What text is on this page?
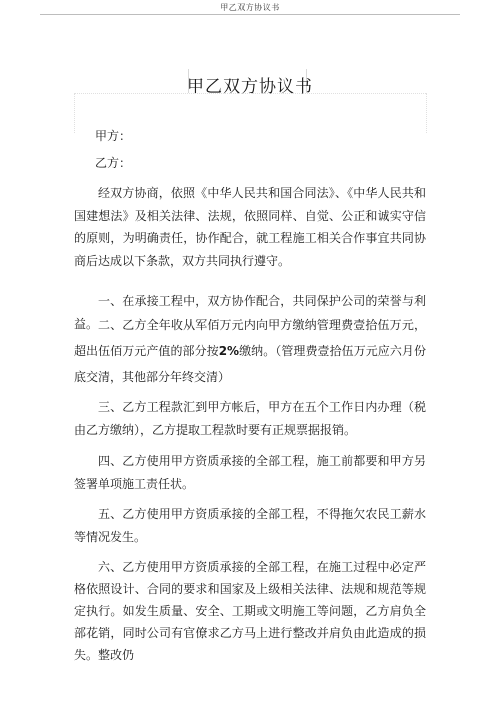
甲乙双方协议书
甲乙双方协议书
甲方：
乙方：

经双方协商，依照《中华人民共和国合同法》、《中华人民共和国建想法》及相关法律、法规，依照同样、自觉、公正和诚实守信的原则，为明确责任，协作配合，就工程施工相关合作事宜共同协商后达成以下条款，双方共同执行遵守。

一、在承接工程中，双方协作配合，共同保护公司的荣誉与利益。 二、乙方全年收从军佰万元内向甲方缴纳管理费壹拾伍万元，超出伍佰万元产值的部分按2%缴纳。（管理费壹拾伍万元应六月份底交清，其他部分年终交清）

三、乙方工程款汇到甲方帐后，甲方在五个工作日内办理（税由乙方缴纳），乙方提取工程款时要有正规票据报销。

四、乙方使用甲方资质承接的全部工程，施工前都要和甲方另签署单项施工责任状。

五、乙方使用甲方资质承接的全部工程，不得拖欠农民工薪水等情况发生。

六、乙方使用甲方资质承接的全部工程，在施工过程中必定严格依照设计、合同的要求和国家及上级相关法律、法规和规范等规定执行。如发生质量、安全、工期或文明施工等问题，乙方肩负全部花销，同时公司有官僚求乙方马上进行整改并肩负由此造成的损失。整改仍
